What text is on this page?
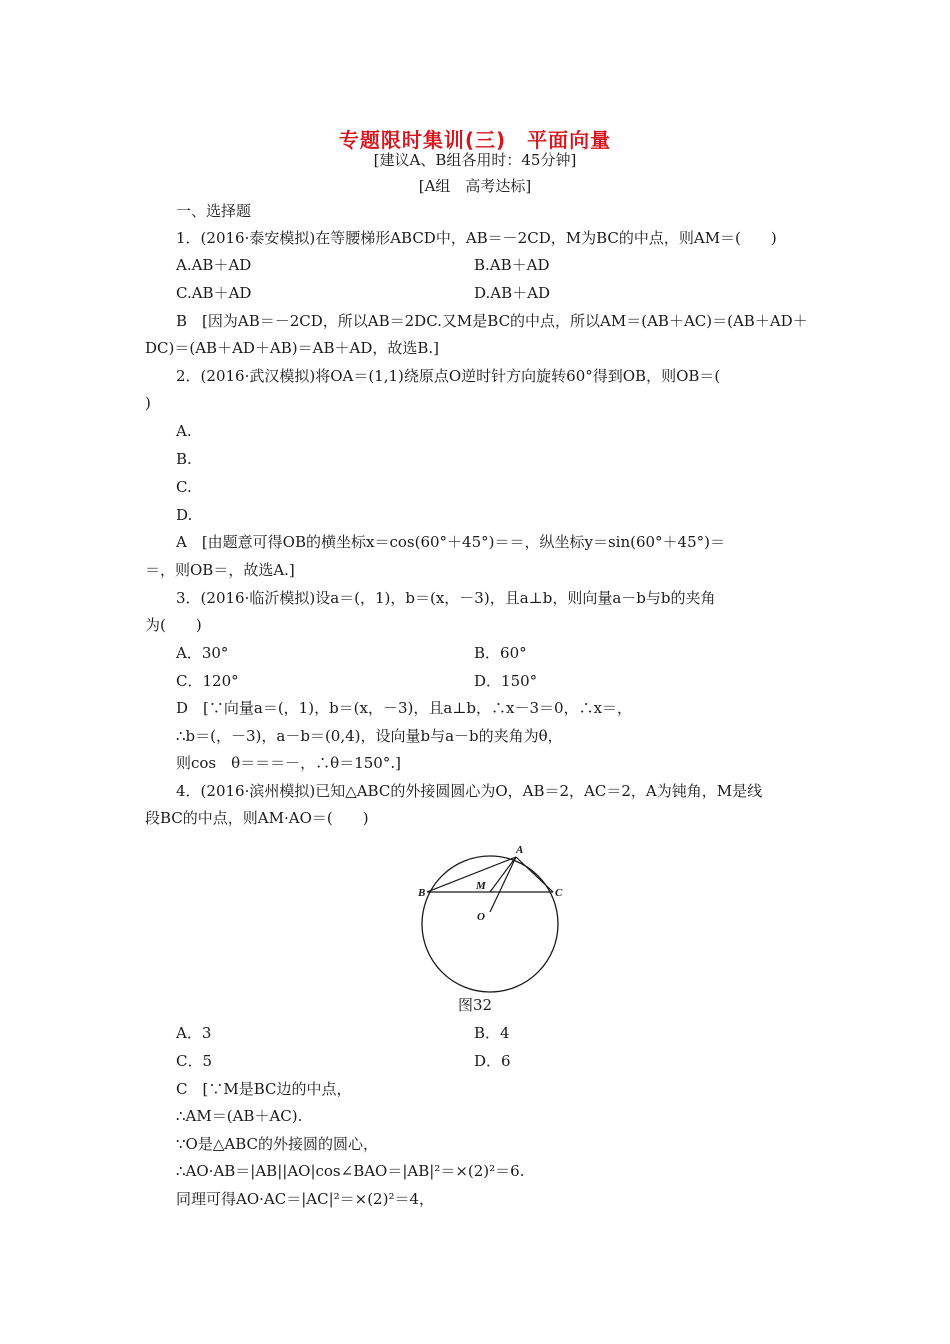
专题限时集训(三)　平面向量
[建议A、B组各用时：45分钟]
[A组　高考达标]
一、选择题
1．(2016·泰安模拟)在等腰梯形ABCD中，AB＝－2CD，M为BC的中点，则AM＝(　　)
A.AB＋AD	B.AB＋AD
C.AB＋AD	D.AB＋AD
B　[因为AB＝－2CD，所以AB＝2DC.又M是BC的中点，所以AM＝(AB＋AC)＝(AB＋AD＋
DC)＝(AB＋AD＋AB)＝AB＋AD，故选B.]
2．(2016·武汉模拟)将OA＝(1,1)绕原点O逆时针方向旋转60°得到OB，则OB＝(
)
A.
B.
C.
D.
A　[由题意可得OB的横坐标x＝cos(60°＋45°)＝＝，纵坐标y＝sin(60°＋45°)＝
＝，则OB＝，故选A.]
3．(2016·临沂模拟)设a＝(，1)，b＝(x，－3)，且a⊥b，则向量a－b与b的夹角
为(　　)
A．30°	B．60°
C．120°	D．150°
D　[∵向量a＝(，1)，b＝(x，－3)，且a⊥b，∴x－3＝0，∴x＝，
∴b＝(，－3)，a－b＝(0,4)，设向量b与a－b的夹角为θ，
则cos　θ＝＝＝－，∴θ＝150°.]
4．(2016·滨州模拟)已知△ABC的外接圆圆心为O，AB＝2，AC＝2，A为钝角，M是线
段BC的中点，则AM·AO＝(　　)
A
B	C
M
O
图32
A．3	B．4
C．5	D．6
C　[∵M是BC边的中点，
∴AM＝(AB＋AC).
∵O是△ABC的外接圆的圆心，
∴AO·AB＝|AB||AO|cos∠BAO＝|AB|²＝×(2)²＝6.
同理可得AO·AC＝|AC|²＝×(2)²＝4，
